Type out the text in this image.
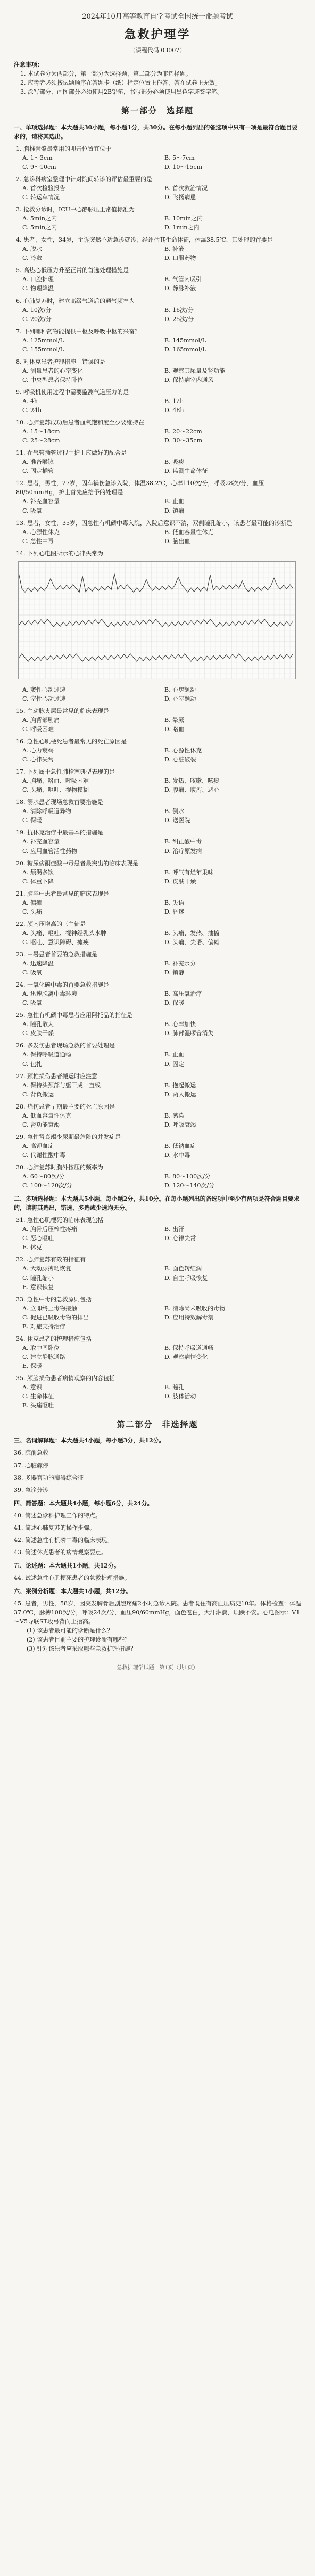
2024年10月高等教育自学考试全国统一命题考试
急救护理学
（课程代码 03007）
注意事项：
1. 本试卷分为两部分，第一部分为选择题，第二部分为非选择题。
2. 应考者必须按试题顺序在答题卡（纸）指定位置上作答，答在试卷上无效。
3. 涂写部分、画图部分必须使用2B铅笔，书写部分必须使用黑色字迹签字笔。
第一部分　选择题
一、单项选择题：本大题共30小题，每小题1分，共30分。在每小题列出的备选项中只有一项是最符合题目要求的，请将其选出。
1. 胸椎骨骼最常用的叩击位置宜位于
A. 1～3cm	B. 5～7cm
C. 9～10cm	D. 10～15cm
2. 急诊科病室整理中针对院间转诊的评估最重要的是
A. 首次检验报告	B. 首次救治情况
C. 转运车情况	D. 飞扬病患
3. 抢救分诊时，ICU中心静脉压正常值标准为
A. 5min之内	B. 10min之内
C. 5min之内	D. 1min之内
4. 患者，女性，34岁，主诉突然不适急诊就诊，经评估其生命体征，体温38.5℃，其处理的首要是
A. 脱水	B. 补液
C. 冷敷	D. 口服药物
5. 高热心低压力升至正常的首选处理措施是
A. 口腔护理	B. 气管内吸引
C. 物理降温	D. 静脉补液
6. 心肺复苏时，建立高级气道后的通气频率为
A. 10次/分	B. 16次/分
C. 20次/分	D. 25次/分
7. 下列哪种药物能提供中枢及呼吸中枢的兴奋？
A. 125mmol/L	B. 145mmol/L
C. 155mmol/L	D. 165mmol/L
8. 对休克患者护理措施中错误的是
A. 测量患者的心率变化	B. 观察其尿量及肾功能
C. 中央型患者保持卧位	D. 保持病室内通风
9. 呼吸机使用过程中需要监测气道压力的是
A. 4h	B. 12h
C. 24h	D. 48h
10. 心肺复苏成功后患者血氧饱和度至少要维持在
A. 15～18cm	B. 20～22cm
C. 25～28cm	D. 30～35cm
11. 在气管插管过程中护士应做好的配合是
A. 准备喉镜	B. 吸痰
C. 固定插管	D. 监测生命体征
12. 患者，男性，27岁，因车祸伤急诊入院，体温38.2℃，心率110次/分，呼吸28次/分，血压80/50mmHg，护士首先应给予的处理是
A. 补充血容量	B. 止血
C. 吸氧	D. 镇痛
13. 患者，女性，35岁，因急性有机磷中毒入院，入院后意识不清，双侧瞳孔缩小，该患者最可能的诊断是
A. 心源性休克	B. 低血容量性休克
C. 急性中毒	D. 脑出血
14. 下列心电图所示的心律失常为
A. 窦性心动过速	B. 心房颤动
C. 室性心动过速	D. 心室颤动
15. 主动脉夹层最常见的临床表现是
A. 胸背部剧痛	B. 晕厥
C. 呼吸困难	D. 咯血
16. 急性心肌梗死患者最常见的死亡原因是
A. 心力衰竭	B. 心源性休克
C. 心律失常	D. 心脏破裂
17. 下列属于急性肺栓塞典型表现的是
A. 胸痛、咯血、呼吸困难	B. 发热、咳嗽、咳痰
C. 头痛、呕吐、视物模糊	D. 腹痛、腹泻、恶心
18. 溺水患者现场急救首要措施是
A. 清除呼吸道异物	B. 倒水
C. 保暖	D. 送医院
19. 抗休克治疗中最基本的措施是
A. 补充血容量	B. 纠正酸中毒
C. 应用血管活性药物	D. 治疗原发病
20. 糖尿病酮症酸中毒患者最突出的临床表现是
A. 烦渴多饮	B. 呼气有烂苹果味
C. 体重下降	D. 皮肤干燥
21. 脑卒中患者最常见的临床表现是
A. 偏瘫	B. 失语
C. 头痛	D. 昏迷
22. 颅内压增高的三主征是
A. 头痛、呕吐、视神经乳头水肿	B. 头痛、发热、抽搐
C. 呕吐、意识障碍、瘫痪	D. 头痛、失语、偏瘫
23. 中暑患者首要的急救措施是
A. 迅速降温	B. 补充水分
C. 吸氧	D. 镇静
24. 一氧化碳中毒的首要急救措施是
A. 迅速脱离中毒环境	B. 高压氧治疗
C. 吸氧	D. 保暖
25. 急性有机磷中毒患者应用阿托品的指征是
A. 瞳孔散大	B. 心率加快
C. 皮肤干燥	D. 肺部湿啰音消失
26. 多发伤患者现场急救的首要处理是
A. 保持呼吸道通畅	B. 止血
C. 包扎	D. 固定
27. 颈椎损伤患者搬运时应注意
A. 保持头颈部与躯干成一直线	B. 抱起搬运
C. 背负搬运	D. 两人搬运
28. 烧伤患者早期最主要的死亡原因是
A. 低血容量性休克	B. 感染
C. 肾功能衰竭	D. 呼吸衰竭
29. 急性肾衰竭少尿期最危险的并发症是
A. 高钾血症	B. 低钠血症
C. 代谢性酸中毒	D. 水中毒
30. 心肺复苏时胸外按压的频率为
A. 60～80次/分	B. 80～100次/分
C. 100～120次/分	D. 120～140次/分
二、多项选择题：本大题共5小题，每小题2分，共10分。在每小题列出的备选项中至少有两项是符合题目要求的，请将其选出，错选、多选或少选均无分。
31. 急性心肌梗死的临床表现包括
A. 胸骨后压榨性疼痛	B. 出汗
C. 恶心呕吐	D. 心律失常
E. 休克
32. 心肺复苏有效的指征有
A. 大动脉搏动恢复	B. 面色转红润
C. 瞳孔缩小	D. 自主呼吸恢复
E. 意识恢复
33. 急性中毒的急救原则包括
A. 立即终止毒物接触	B. 清除尚未吸收的毒物
C. 促进已吸收毒物的排出	D. 应用特效解毒剂
E. 对症支持治疗
34. 休克患者的护理措施包括
A. 取中凹卧位	B. 保持呼吸道通畅
C. 建立静脉通路	D. 观察病情变化
E. 保暖
35. 颅脑损伤患者病情观察的内容包括
A. 意识	B. 瞳孔
C. 生命体征	D. 肢体活动
E. 头痛呕吐
第二部分　非选择题
三、名词解释题：本大题共4小题，每小题3分，共12分。
36. 院前急救
37. 心脏骤停
38. 多器官功能障碍综合征
39. 急诊分诊
四、简答题：本大题共4小题，每小题6分，共24分。
40. 简述急诊科护理工作的特点。
41. 简述心肺复苏的操作步骤。
42. 简述急性有机磷中毒的临床表现。
43. 简述休克患者的病情观察要点。
五、论述题：本大题共1小题，共12分。
44. 试述急性心肌梗死患者的急救护理措施。
六、案例分析题：本大题共1小题，共12分。
45. 患者，男性，58岁，因突发胸骨后剧烈疼痛2小时急诊入院。患者既往有高血压病史10年。体格检查：体温37.0℃，脉搏108次/分，呼吸24次/分，血压90/60mmHg，面色苍白，大汗淋漓，烦躁不安。心电图示：V1～V5导联ST段弓背向上抬高。
(1) 该患者最可能的诊断是什么？
(2) 该患者目前主要的护理诊断有哪些？
(3) 针对该患者应采取哪些急救护理措施？
急救护理学试题　第1页（共1页）
